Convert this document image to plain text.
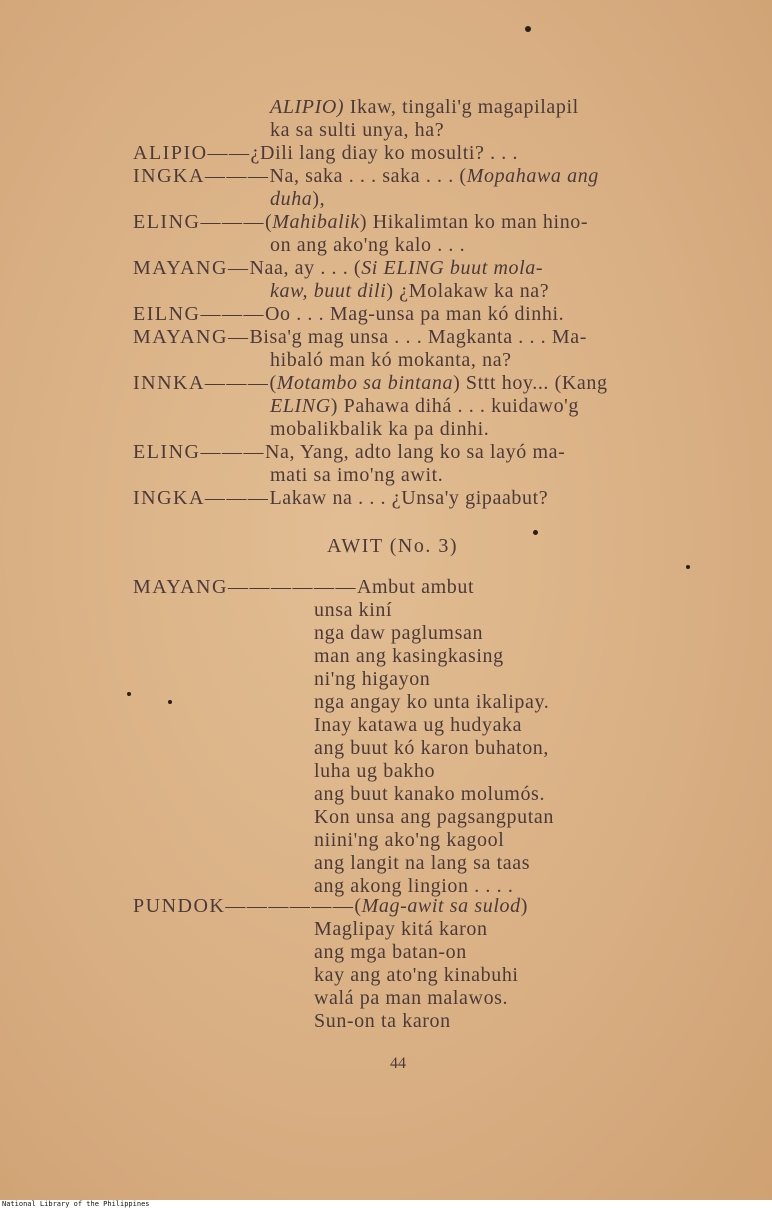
ALIPIO) Ikaw, tingali'g magapilapil
ka sa sulti unya, ha?
ALIPIO——¿Dili lang diay ko mosulti? . . .
INGKA———Na, saka . . . saka . . . (Mopahawa ang
duha),
ELING———(Mahibalik) Hikalimtan ko man hino-
on ang ako'ng kalo . . .
MAYANG—Naa, ay . . . (Si ELING buut mola-
kaw, buut dili) ¿Molakaw ka na?
EILNG———Oo . . . Mag-unsa pa man kó dinhi.
MAYANG—Bisa'g mag unsa . . . Magkanta . . . Ma-
hibaló man kó mokanta, na?
INNKA———(Motambo sa bintana) Sttt hoy... (Kang
ELING) Pahawa dihá . . . kuidawo'g
mobalikbalik ka pa dinhi.
ELING———Na, Yang, adto lang ko sa layó ma-
mati sa imo'ng awit.
INGKA———Lakaw na . . . ¿Unsa'y gipaabut?
AWIT (No. 3)
MAYANG——————Ambut ambut
unsa kiní
nga daw paglumsan
man ang kasingkasing
ni'ng higayon
nga angay ko unta ikalipay.
Inay katawa ug hudyaka
ang buut kó karon buhaton,
luha ug bakho
ang buut kanako molumós.
Kon unsa ang pagsangputan
niini'ng ako'ng kagool
ang langit na lang sa taas
ang akong lingion . . . .
PUNDOK——————(Mag-awit sa sulod)
Maglipay kitá karon
ang mga batan-on
kay ang ato'ng kinabuhi
walá pa man malawos.
Sun-on ta karon
44
National Library of the Philippines
